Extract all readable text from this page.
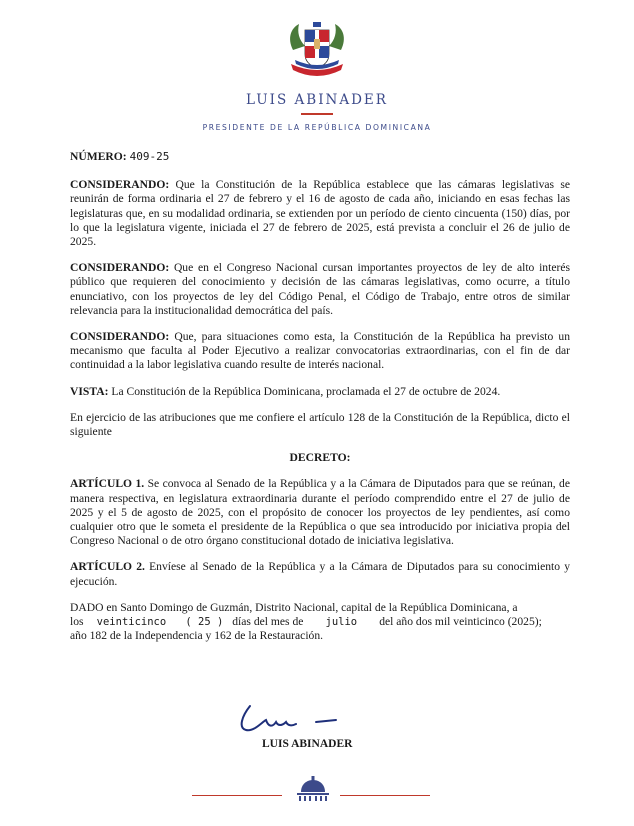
LUIS ABINADER
PRESIDENTE DE LA REPÚBLICA DOMINICANA

NÚMERO: 409-25

CONSIDERANDO: Que la Constitución de la República establece que las cámaras legislativas se reunirán de forma ordinaria el 27 de febrero y el 16 de agosto de cada año, iniciando en esas fechas las legislaturas que, en su modalidad ordinaria, se extienden por un período de ciento cincuenta (150) días, por lo que la legislatura vigente, iniciada el 27 de febrero de 2025, está prevista a concluir el 26 de julio de 2025.

CONSIDERANDO: Que en el Congreso Nacional cursan importantes proyectos de ley de alto interés público que requieren del conocimiento y decisión de las cámaras legislativas, como ocurre, a título enunciativo, con los proyectos de ley del Código Penal, el Código de Trabajo, entre otros de similar relevancia para la institucionalidad democrática del país.

CONSIDERANDO: Que, para situaciones como esta, la Constitución de la República ha previsto un mecanismo que faculta al Poder Ejecutivo a realizar convocatorias extraordinarias, con el fin de dar continuidad a la labor legislativa cuando resulte de interés nacional.

VISTA: La Constitución de la República Dominicana, proclamada el 27 de octubre de 2024.

En ejercicio de las atribuciones que me confiere el artículo 128 de la Constitución de la República, dicto el siguiente

DECRETO:

ARTÍCULO 1. Se convoca al Senado de la República y a la Cámara de Diputados para que se reúnan, de manera respectiva, en legislatura extraordinaria durante el período comprendido entre el 27 de julio de 2025 y el 5 de agosto de 2025, con el propósito de conocer los proyectos de ley pendientes, así como cualquier otro que le someta el presidente de la República o que sea introducido por iniciativa propia del Congreso Nacional o de otro órgano constitucional dotado de iniciativa legislativa.

ARTÍCULO 2. Envíese al Senado de la República y a la Cámara de Diputados para su conocimiento y ejecución.

DADO en Santo Domingo de Guzmán, Distrito Nacional, capital de la República Dominicana, a
los veinticinco ( 25 ) días del mes de julio del año dos mil veinticinco (2025);
año 182 de la Independencia y 162 de la Restauración.

LUIS ABINADER
